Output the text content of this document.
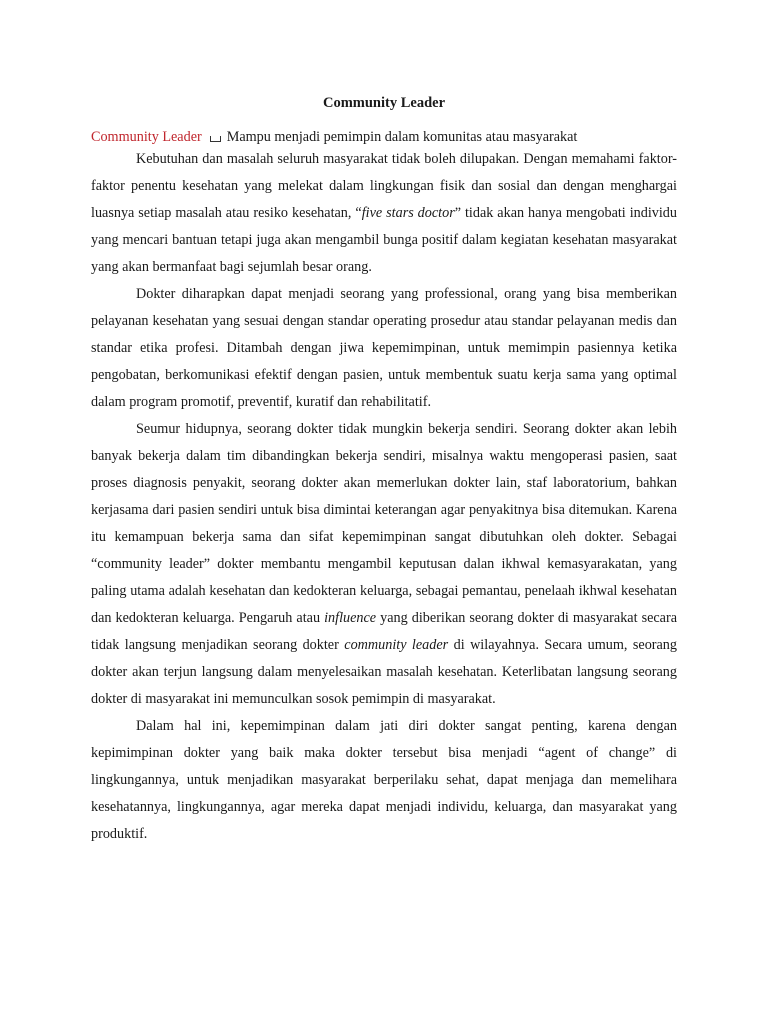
Community Leader
Community Leader Mampu menjadi pemimpin dalam komunitas atau masyarakat

Kebutuhan dan masalah seluruh masyarakat tidak boleh dilupakan. Dengan memahami faktor-faktor penentu kesehatan yang melekat dalam lingkungan fisik dan sosial dan dengan menghargai luasnya setiap masalah atau resiko kesehatan, “five stars doctor” tidak akan hanya mengobati individu yang mencari bantuan tetapi juga akan mengambil bunga positif dalam kegiatan kesehatan masyarakat yang akan bermanfaat bagi sejumlah besar orang.

Dokter diharapkan dapat menjadi seorang yang professional, orang yang bisa memberikan pelayanan kesehatan yang sesuai dengan standar operating prosedur atau standar pelayanan medis dan standar etika profesi. Ditambah dengan jiwa kepemimpinan, untuk memimpin pasiennya ketika pengobatan, berkomunikasi efektif dengan pasien, untuk membentuk suatu kerja sama yang optimal dalam program promotif, preventif, kuratif dan rehabilitatif.

Seumur hidupnya, seorang dokter tidak mungkin bekerja sendiri. Seorang dokter akan lebih banyak bekerja dalam tim dibandingkan bekerja sendiri, misalnya waktu mengoperasi pasien, saat proses diagnosis penyakit, seorang dokter akan memerlukan dokter lain, staf laboratorium, bahkan kerjasama dari pasien sendiri untuk bisa dimintai keterangan agar penyakitnya bisa ditemukan. Karena itu kemampuan bekerja sama dan sifat kepemimpinan sangat dibutuhkan oleh dokter. Sebagai “community leader” dokter membantu mengambil keputusan dalan ikhwal kemasyarakatan, yang paling utama adalah kesehatan dan kedokteran keluarga, sebagai pemantau, penelaah ikhwal kesehatan dan kedokteran keluarga. Pengaruh atau influence yang diberikan seorang dokter di masyarakat secara tidak langsung menjadikan seorang dokter community leader di wilayahnya. Secara umum, seorang dokter akan terjun langsung dalam menyelesaikan masalah kesehatan. Keterlibatan langsung seorang dokter di masyarakat ini memunculkan sosok pemimpin di masyarakat.

Dalam hal ini, kepemimpinan dalam jati diri dokter sangat penting, karena dengan kepimimpinan dokter yang baik maka dokter tersebut bisa menjadi “agent of change” di lingkungannya, untuk menjadikan masyarakat berperilaku sehat, dapat menjaga dan memelihara kesehatannya, lingkungannya, agar mereka dapat menjadi individu, keluarga, dan masyarakat yang produktif.
